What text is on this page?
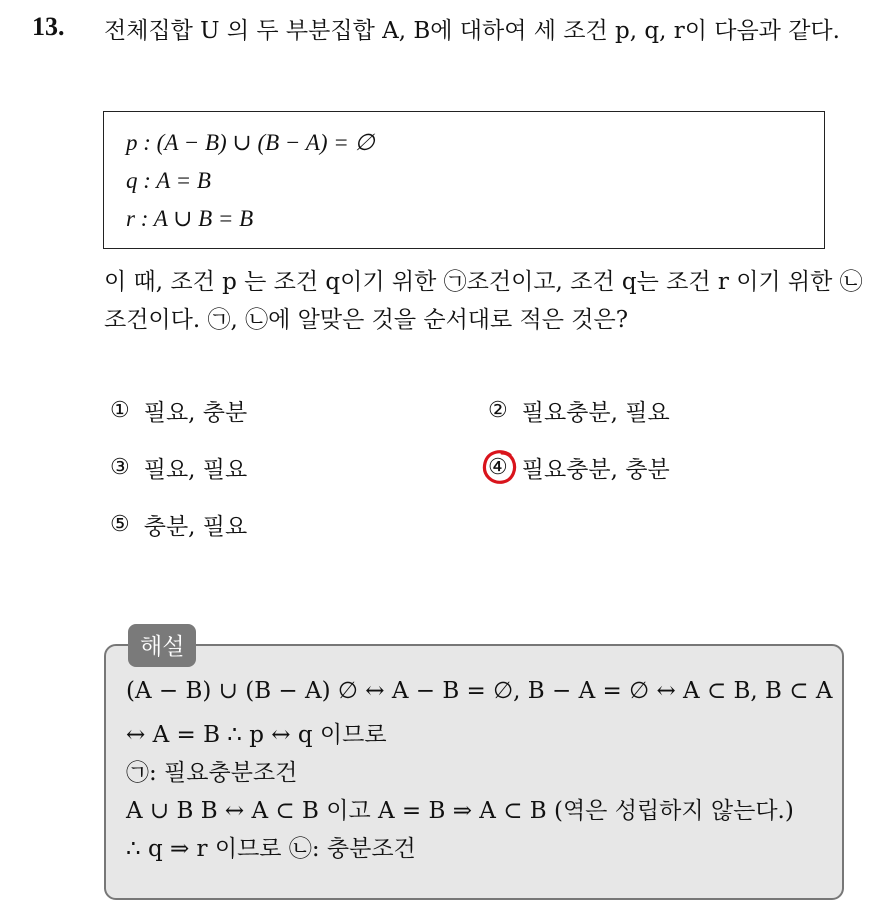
13. 전체집합 U 의 두 부분집합 A, B에 대하여 세 조건 p, q, r이 다음과 같다.
p : (A − B) ∪ (B − A) = ∅
q : A = B
r : A ∪ B = B
이 때, 조건 p 는 조건 q이기 위한 ㉠조건이고, 조건 q는 조건 r 이기 위한 ㉡조건이다. ㉠, ㉡에 알맞은 것을 순서대로 적은 것은?
① 필요, 충분	② 필요충분, 필요
③ 필요, 필요	④ 필요충분, 충분
⑤ 충분, 필요
(A − B) ∪ (B − A) ∅ ↔ A − B = ∅, B − A = ∅ ↔ A ⊂ B, B ⊂ A
↔ A = B ∴ p ↔ q 이므로
㉠: 필요충분조건
A ∪ B B ↔ A ⊂ B 이고 A = B ⇒ A ⊂ B (역은 성립하지 않는다.)
∴ q ⇒ r 이므로 ㉡: 충분조건
해설
